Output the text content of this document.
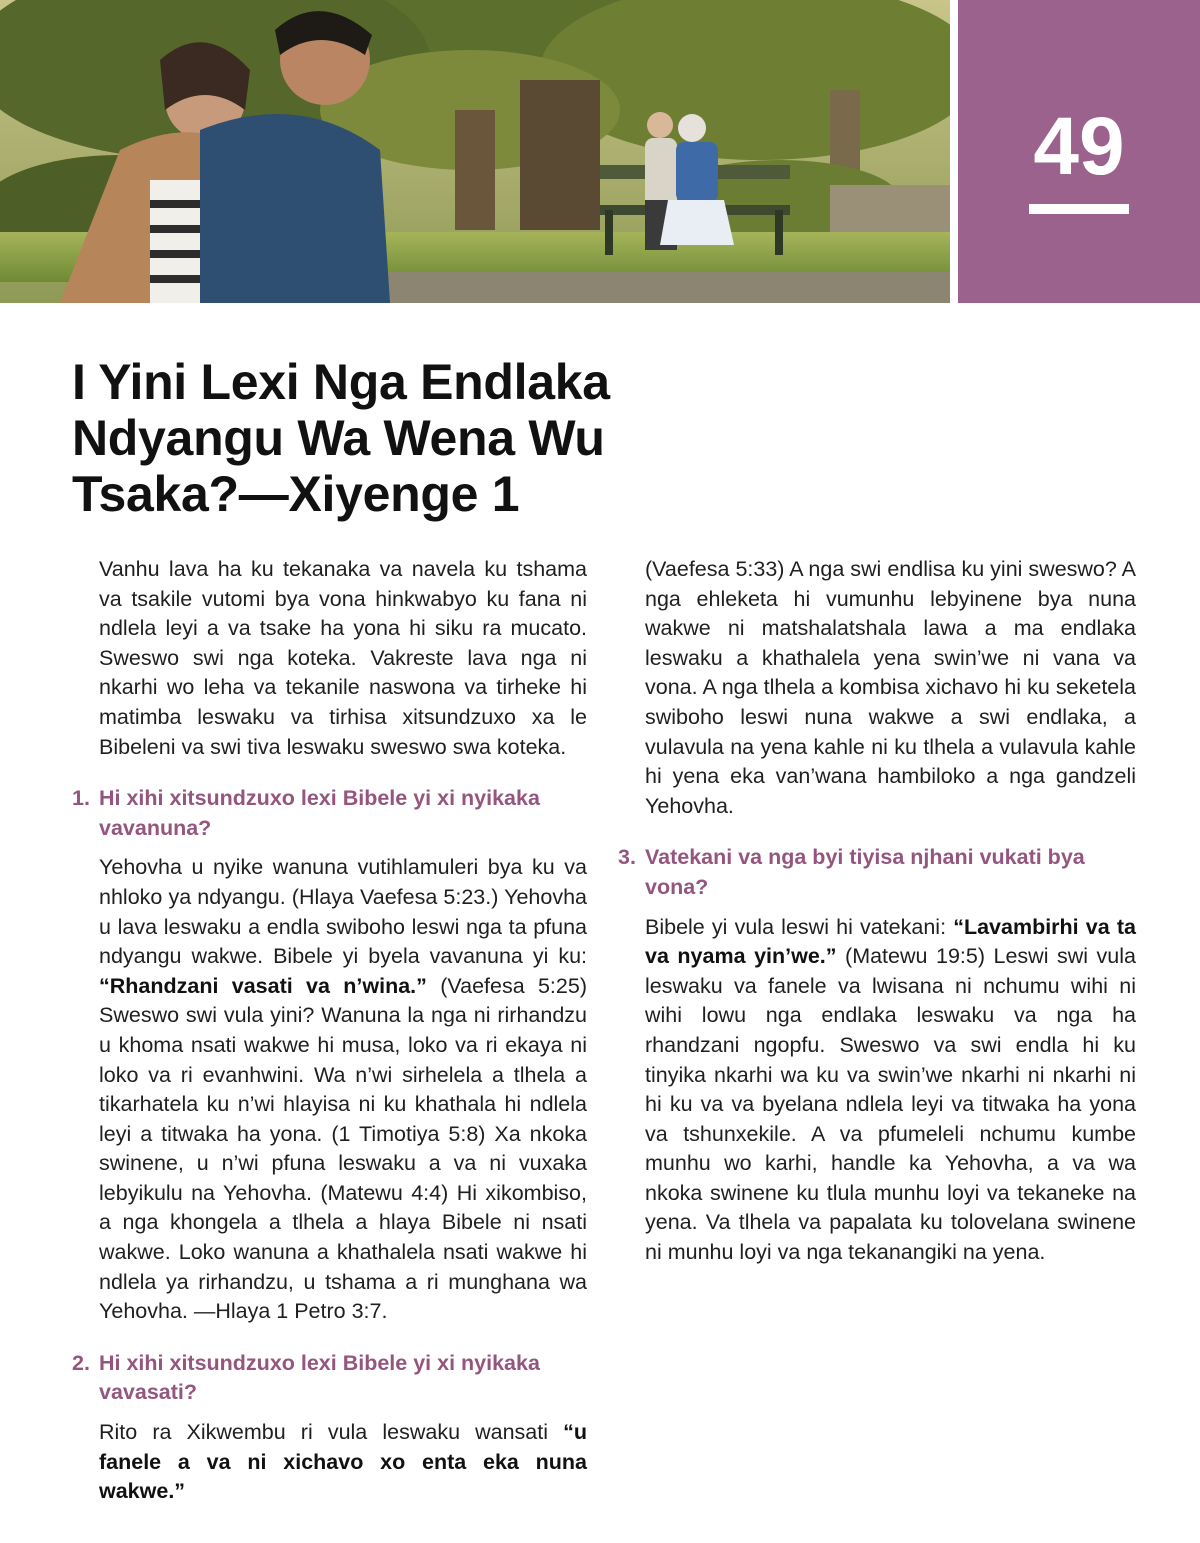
49
I Yini Lexi Nga Endlaka Ndyangu Wa Wena Wu Tsaka?—Xiyenge 1

Vanhu lava ha ku tekanaka va navela ku tshama va tsakile vutomi bya vona hinkwabyo ku fana ni ndlela leyi a va tsake ha yona hi siku ra mucato. Sweswo swi nga koteka. Vakreste lava nga ni nkarhi wo leha va tekanile naswona va tirheke hi matimba leswaku va tirhisa xitsundzuxo xa le Bibeleni va swi tiva leswaku sweswo swa koteka.

1. Hi xihi xitsundzuxo lexi Bibele yi xi nyikaka vavanuna?

Yehovha u nyike wanuna vutihlamuleri bya ku va nhloko ya ndyangu. (Hlaya Vaefesa 5:23.) Yehovha u lava leswaku a endla swiboho leswi nga ta pfuna ndyangu wakwe. Bibele yi byela vavanuna yi ku: “Rhandzani vasati va n’wina.” (Vaefesa 5:25) Sweswo swi vula yini? Wanuna la nga ni rirhandzu u khoma nsati wakwe hi musa, loko va ri ekaya ni loko va ri evanhwini. Wa n’wi sirhelela a tlhela a tikarhatela ku n’wi hlayisa ni ku khathala hi ndlela leyi a titwaka ha yona. (1 Timotiya 5:8) Xa nkoka swinene, u n’wi pfuna leswaku a va ni vuxaka lebyikulu na Yehovha. (Matewu 4:4) Hi xikombiso, a nga khongela a tlhela a hlaya Bibele ni nsati wakwe. Loko wanuna a khathalela nsati wakwe hi ndlela ya rirhandzu, u tshama a ri munghana wa Yehovha. —Hlaya 1 Petro 3:7.

2. Hi xihi xitsundzuxo lexi Bibele yi xi nyikaka vavasati?

Rito ra Xikwembu ri vula leswaku wansati “u fanele a va ni xichavo xo enta eka nuna wakwe.”

(Vaefesa 5:33) A nga swi endlisa ku yini sweswo? A nga ehleketa hi vumunhu lebyinene bya nuna wakwe ni matshalatshala lawa a ma endlaka leswaku a khathalela yena swin’we ni vana va vona. A nga tlhela a kombisa xichavo hi ku seketela swiboho leswi nuna wakwe a swi endlaka, a vulavula na yena kahle ni ku tlhela a vulavula kahle hi yena eka van’wana hambiloko a nga gandzeli Yehovha.

3. Vatekani va nga byi tiyisa njhani vukati bya vona?

Bibele yi vula leswi hi vatekani: “Lavambirhi va ta va nyama yin’we.” (Matewu 19:5) Leswi swi vula leswaku va fanele va lwisana ni nchumu wihi ni wihi lowu nga endlaka leswaku va nga ha rhandzani ngopfu. Sweswo va swi endla hi ku tinyika nkarhi wa ku va swin’we nkarhi ni nkarhi ni hi ku va va byelana ndlela leyi va titwaka ha yona va tshunxekile. A va pfumeleli nchumu kumbe munhu wo karhi, handle ka Yehovha, a va wa nkoka swinene ku tlula munhu loyi va tekaneke na yena. Va tlhela va papalata ku tolovelana swinene ni munhu loyi va nga tekanangiki na yena.
